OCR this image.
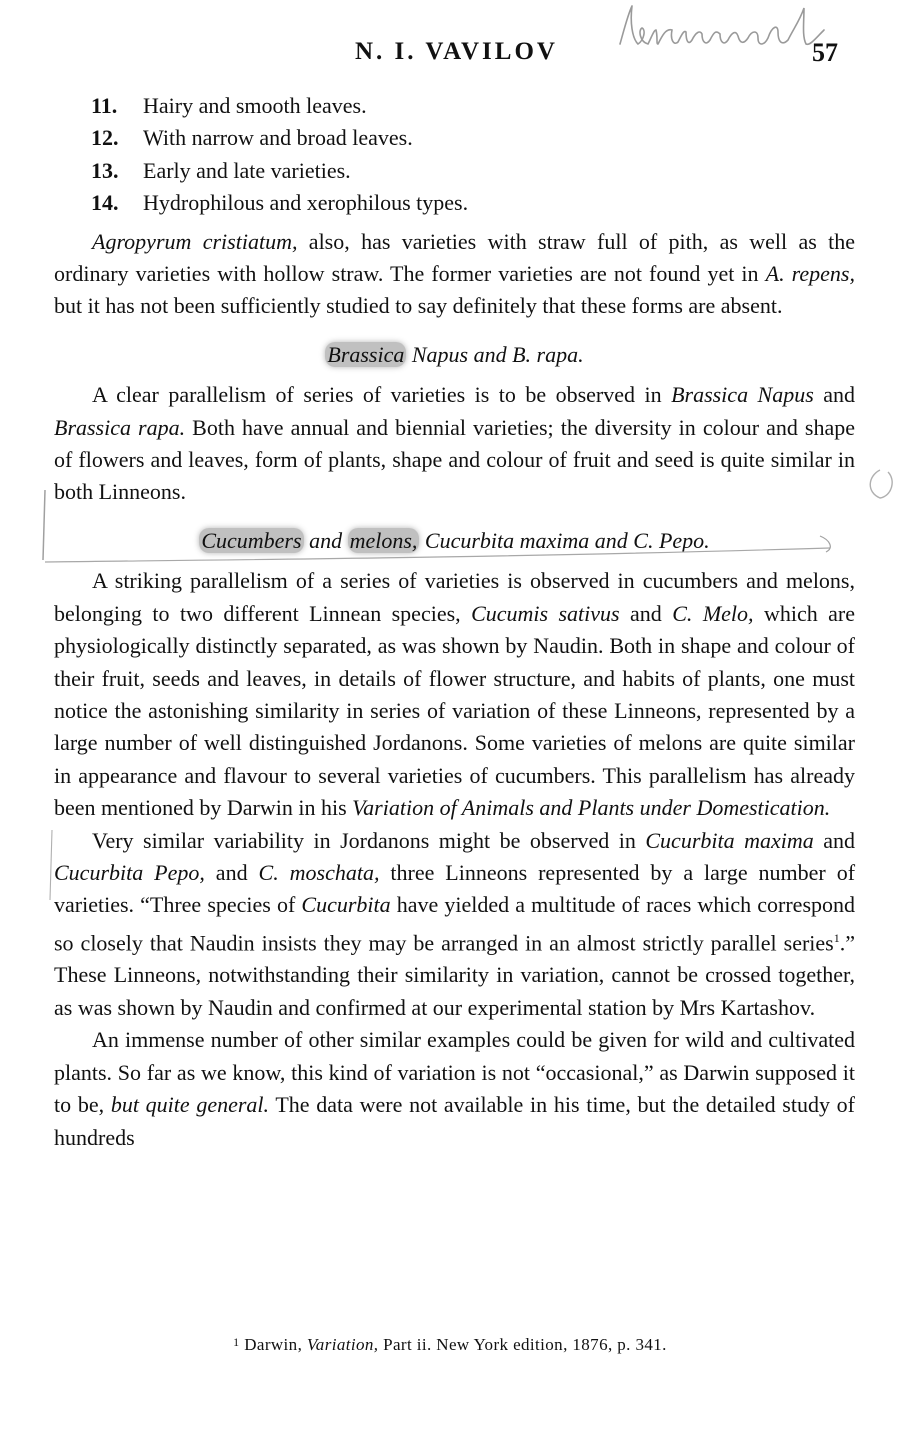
N. I. VAVILOV	57
11. Hairy and smooth leaves.
12. With narrow and broad leaves.
13. Early and late varieties.
14. Hydrophilous and xerophilous types.

Agropyrum cristiatum, also, has varieties with straw full of pith, as well as the ordinary varieties with hollow straw. The former varieties are not found yet in A. repens, but it has not been sufficiently studied to say definitely that these forms are absent.

Brassica Napus and B. rapa.

A clear parallelism of series of varieties is to be observed in Brassica Napus and Brassica rapa. Both have annual and biennial varieties; the diversity in colour and shape of flowers and leaves, form of plants, shape and colour of fruit and seed is quite similar in both Linneons.

Cucumbers and melons, Cucurbita maxima and C. Pepo.

A striking parallelism of a series of varieties is observed in cucumbers and melons, belonging to two different Linnean species, Cucumis sativus and C. Melo, which are physiologically distinctly separated, as was shown by Naudin. Both in shape and colour of their fruit, seeds and leaves, in details of flower structure, and habits of plants, one must notice the astonishing similarity in series of variation of these Linneons, represented by a large number of well distinguished Jordanons. Some varieties of melons are quite similar in appearance and flavour to several varieties of cucumbers. This parallelism has already been mentioned by Darwin in his Variation of Animals and Plants under Domestication.

Very similar variability in Jordanons might be observed in Cucurbita maxima and Cucurbita Pepo, and C. moschata, three Linneons represented by a large number of varieties. “Three species of Cucurbita have yielded a multitude of races which correspond so closely that Naudin insists they may be arranged in an almost strictly parallel series$^1$.” These Linneons, notwithstanding their similarity in variation, cannot be crossed together, as was shown by Naudin and confirmed at our experimental station by Mrs Kartashov.

An immense number of other similar examples could be given for wild and cultivated plants. So far as we know, this kind of variation is not “occasional,” as Darwin supposed it to be, but quite general. The data were not available in his time, but the detailed study of hundreds

$^1$ Darwin, Variation, Part ii. New York edition, 1876, p. 341.
